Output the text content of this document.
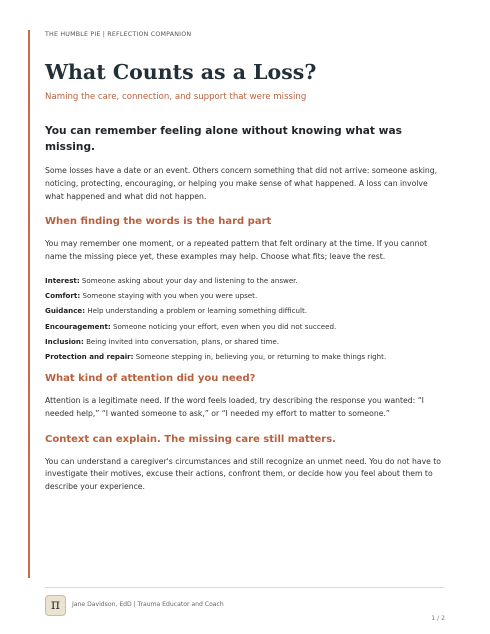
THE HUMBLE PIE | REFLECTION COMPANION
What Counts as a Loss?
Naming the care, connection, and support that were missing

You can remember feeling alone without knowing what was missing.

Some losses have a date or an event. Others concern something that did not arrive: someone asking, noticing, protecting, encouraging, or helping you make sense of what happened. A loss can involve what happened and what did not happen.

When finding the words is the hard part

You may remember one moment, or a repeated pattern that felt ordinary at the time. If you cannot name the missing piece yet, these examples may help. Choose what fits; leave the rest.

Interest: Someone asking about your day and listening to the answer.
Comfort: Someone staying with you when you were upset.
Guidance: Help understanding a problem or learning something difficult.
Encouragement: Someone noticing your effort, even when you did not succeed.
Inclusion: Being invited into conversation, plans, or shared time.
Protection and repair: Someone stepping in, believing you, or returning to make things right.
What kind of attention did you need?

Attention is a legitimate need. If the word feels loaded, try describing the response you wanted: “I needed help,” “I wanted someone to ask,” or “I needed my effort to matter to someone.”

Context can explain. The missing care still matters.

You can understand a caregiver's circumstances and still recognize an unmet need. You do not have to investigate their motives, excuse their actions, confront them, or decide how you feel about them to describe your experience.

π	Jane Davidson, EdD | Trauma Educator and Coach
1 / 2
